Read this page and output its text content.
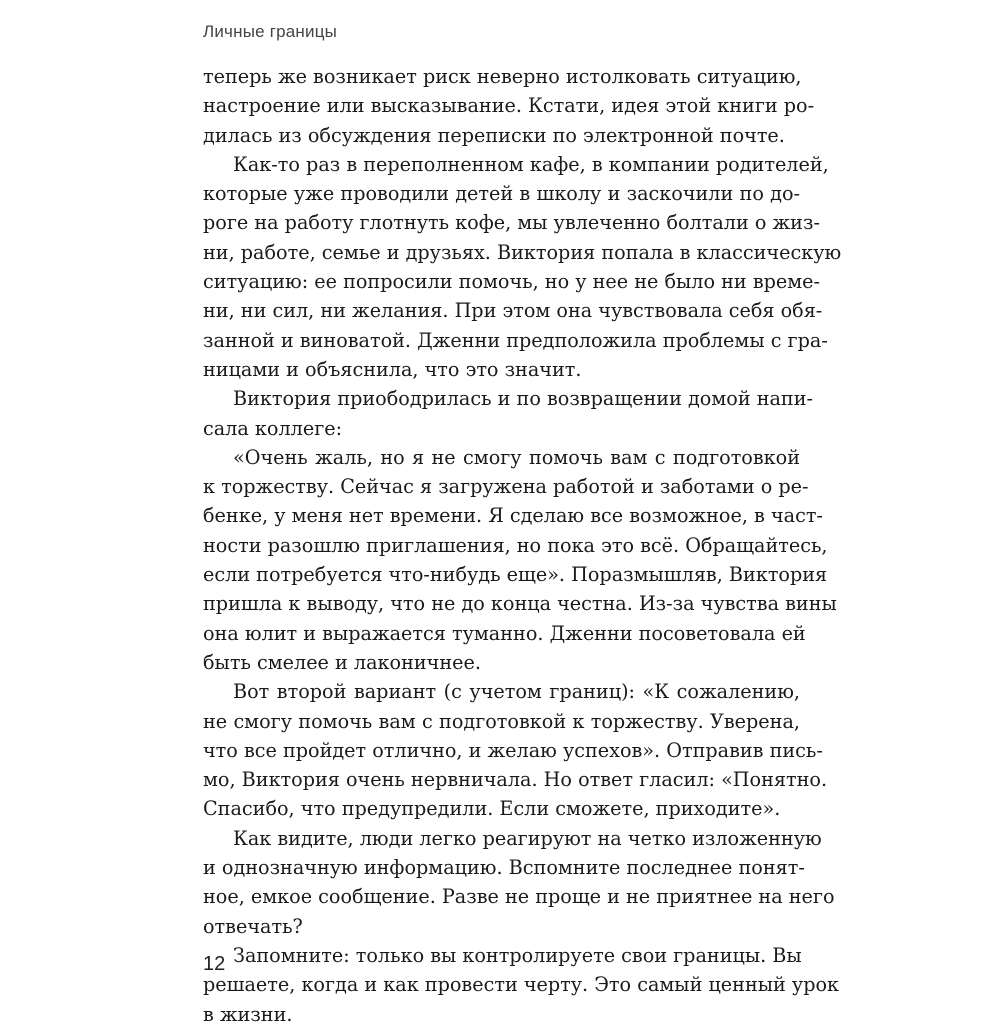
Личные границы
теперь же возникает риск неверно истолковать ситуацию,
настроение или высказывание. Кстати, идея этой книги ро-
дилась из обсуждения переписки по электронной почте.
Как-то раз в переполненном кафе, в компании родителей,
которые уже проводили детей в школу и заскочили по до-
роге на работу глотнуть кофе, мы увлеченно болтали о жиз-
ни, работе, семье и друзьях. Виктория попала в классическую
ситуацию: ее попросили помочь, но у нее не было ни време-
ни, ни сил, ни желания. При этом она чувствовала себя обя-
занной и виноватой. Дженни предположила проблемы с гра-
ницами и объяснила, что это значит.
Виктория приободрилась и по возвращении домой напи-
сала коллеге:
«Очень жаль, но я не смогу помочь вам с подготовкой
к торжеству. Сейчас я загружена работой и заботами о ре-
бенке, у меня нет времени. Я сделаю все возможное, в част-
ности разошлю приглашения, но пока это всё. Обращайтесь,
если потребуется что-нибудь еще». Поразмышляв, Виктория
пришла к выводу, что не до конца честна. Из-за чувства вины
она юлит и выражается туманно. Дженни посоветовала ей
быть смелее и лаконичнее.
Вот второй вариант (с учетом границ): «К сожалению,
не смогу помочь вам с подготовкой к торжеству. Уверена,
что все пройдет отлично, и желаю успехов». Отправив пись-
мо, Виктория очень нервничала. Но ответ гласил: «Понятно.
Спасибо, что предупредили. Если сможете, приходите».
Как видите, люди легко реагируют на четко изложенную
и однозначную информацию. Вспомните последнее понят-
ное, емкое сообщение. Разве не проще и не приятнее на него
отвечать?
Запомните: только вы контролируете свои границы. Вы
решаете, когда и как провести черту. Это самый ценный урок
в жизни.
12
